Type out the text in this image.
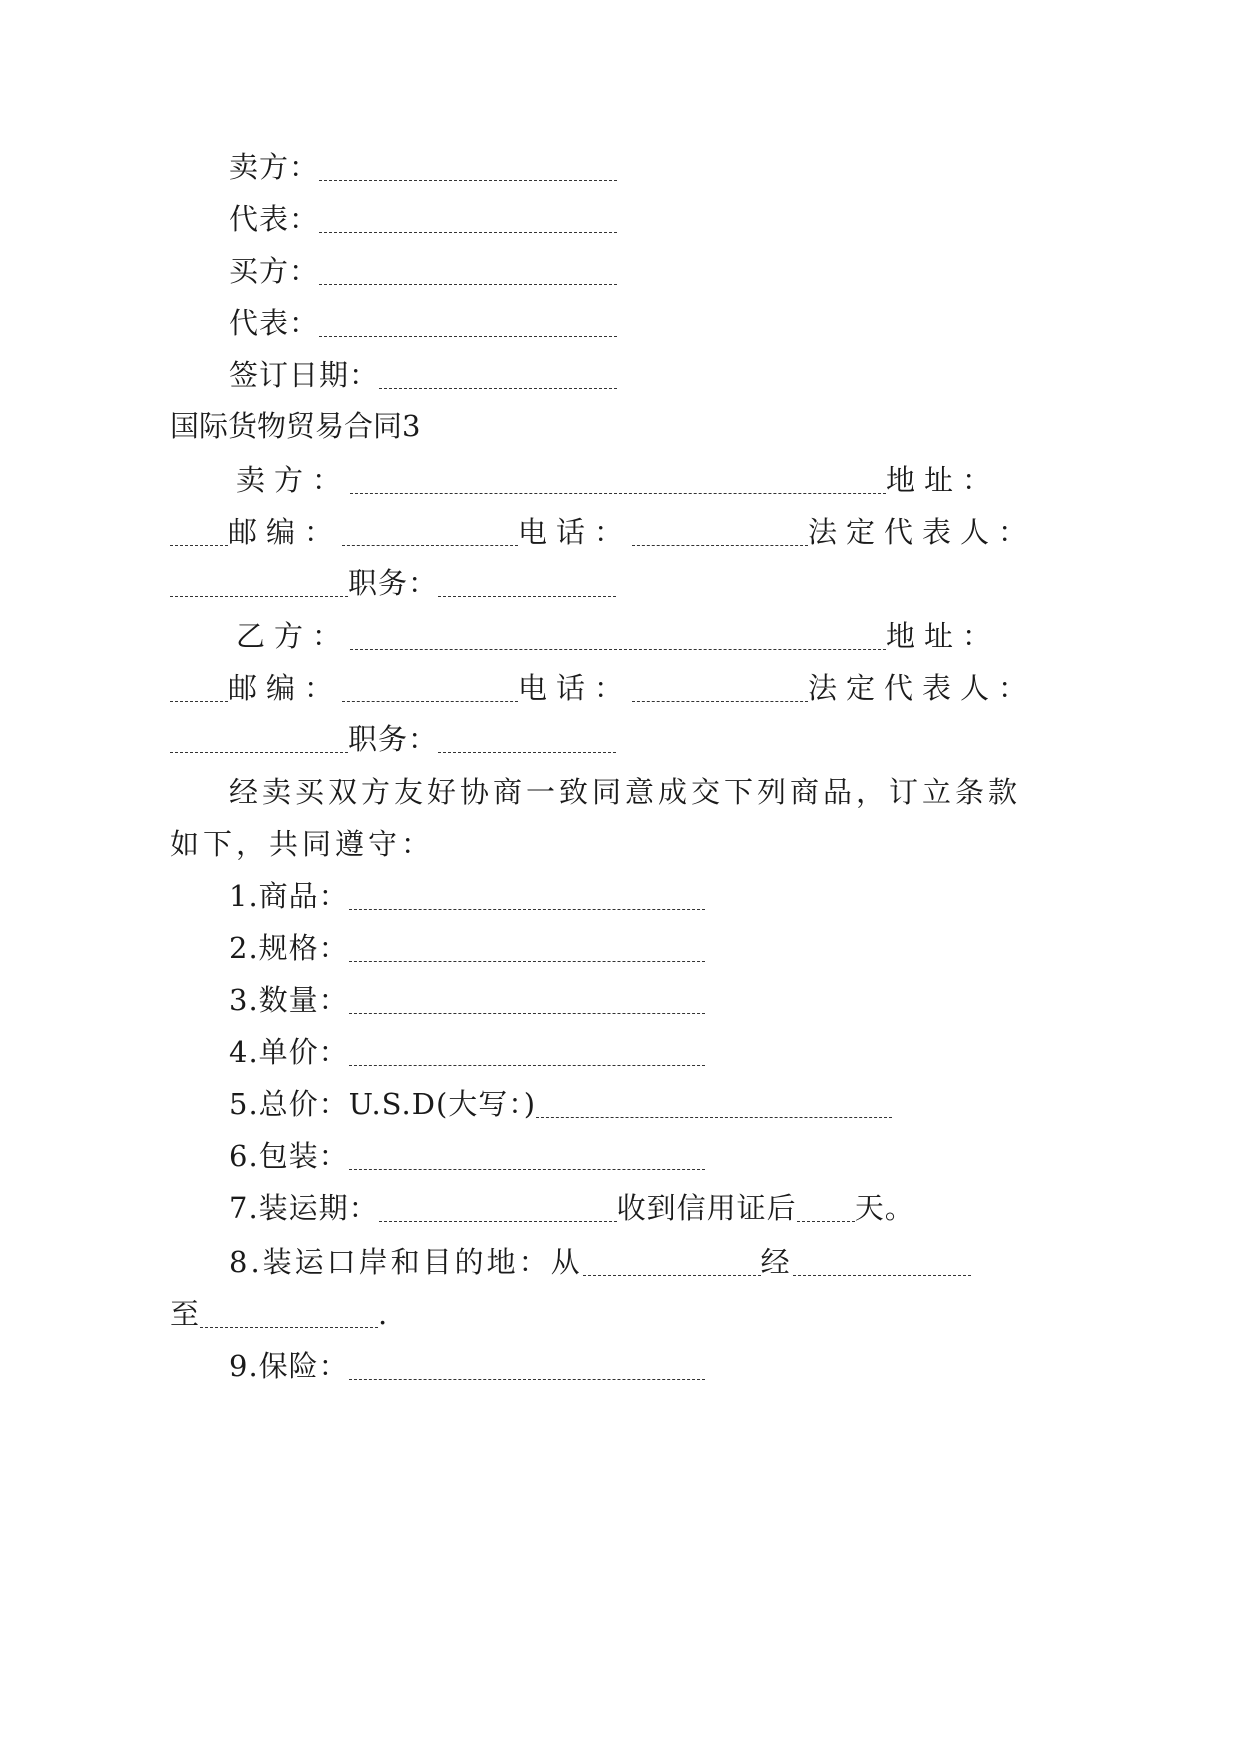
卖方：
代表：
买方：
代表：
签订日期：
国际货物贸易合同3
卖方：	地址：
邮编：	电话：	法定代表人：
职务：
乙方：	地址：
邮编：	电话：	法定代表人：
职务：
经卖买双方友好协商一致同意成交下列商品，订立条款
如下，共同遵守：
1.商品：
2.规格：
3.数量：
4.单价：
5.总价：U.S.D(大写：)
6.包装：
7.装运期：	收到信用证后 天。
8.装运口岸和目的地：从	经
至	.
9.保险：
